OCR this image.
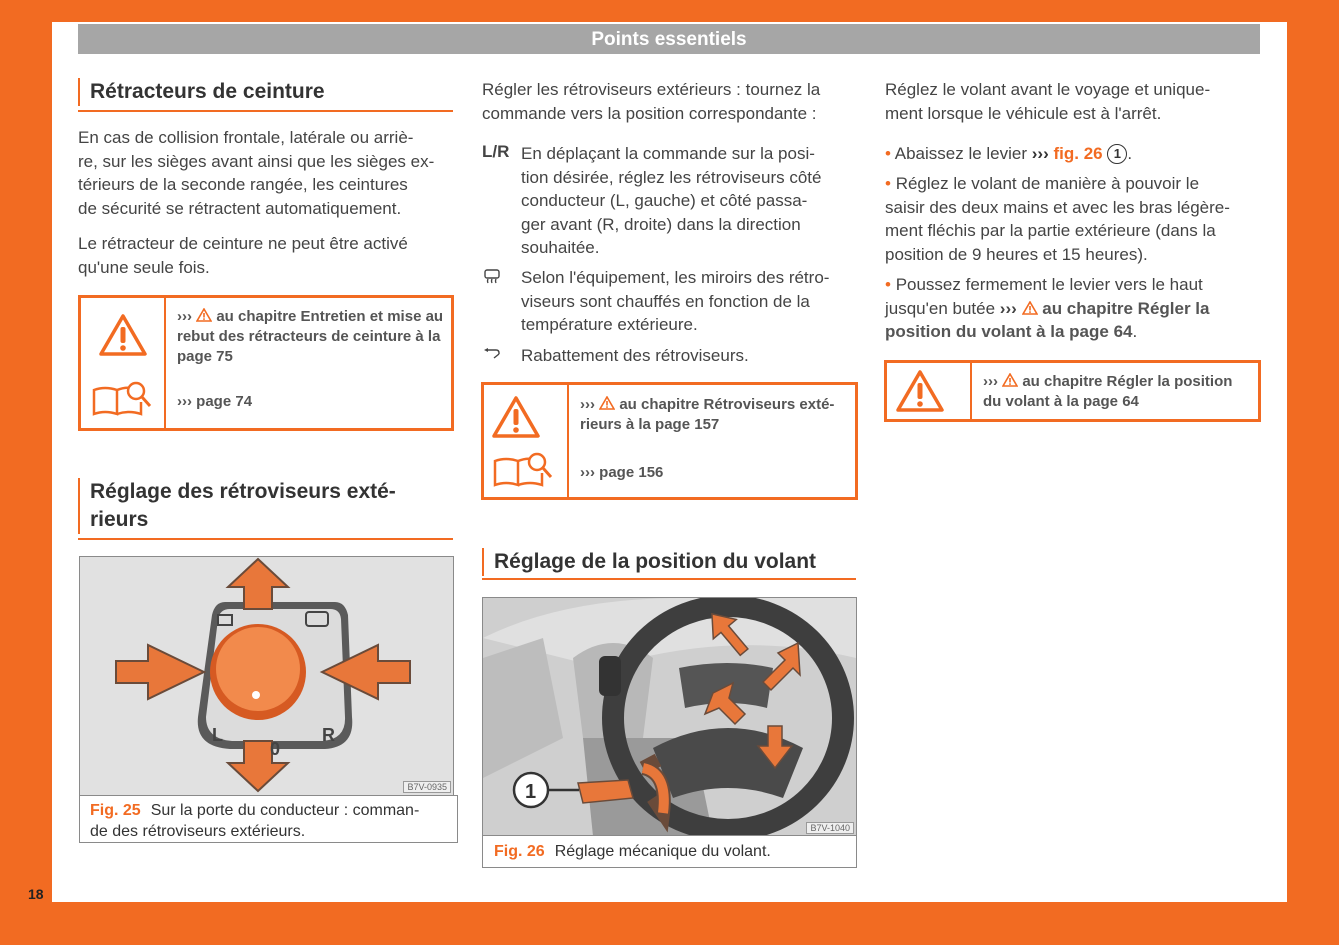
Points essentiels
Rétracteurs de ceinture
En cas de collision frontale, latérale ou arriè-
re, sur les sièges avant ainsi que les sièges ex-
térieurs de la seconde rangée, les ceintures
de sécurité se rétractent automatiquement.
Le rétracteur de ceinture ne peut être activé
qu'une seule fois.
››› au chapitre Entretien et mise au
rebut des rétracteurs de ceinture à la
page 75
››› page 74
Réglage des rétroviseurs exté-
rieurs
L
0
R
B7V-0935
Fig. 25 Sur la porte du conducteur : comman-
de des rétroviseurs extérieurs.
Régler les rétroviseurs extérieurs : tournez la
commande vers la position correspondante :
L/R En déplaçant la commande sur la posi-
tion désirée, réglez les rétroviseurs côté
conducteur (L, gauche) et côté passa-
ger avant (R, droite) dans la direction
souhaitée.
Selon l'équipement, les miroirs des rétro-
viseurs sont chauffés en fonction de la
température extérieure.
Rabattement des rétroviseurs.
››› au chapitre Rétroviseurs exté-
rieurs à la page 157
››› page 156
Réglage de la position du volant
1
B7V-1040
Fig. 26 Réglage mécanique du volant.
Réglez le volant avant le voyage et unique-
ment lorsque le véhicule est à l'arrêt.
• Abaissez le levier ››› fig. 26 1 .
• Réglez le volant de manière à pouvoir le
saisir des deux mains et avec les bras légère-
ment fléchis par la partie extérieure (dans la
position de 9 heures et 15 heures).
• Poussez fermement le levier vers le haut
jusqu'en butée ››› au chapitre Régler la
position du volant à la page 64.
››› au chapitre Régler la position
du volant à la page 64
18
